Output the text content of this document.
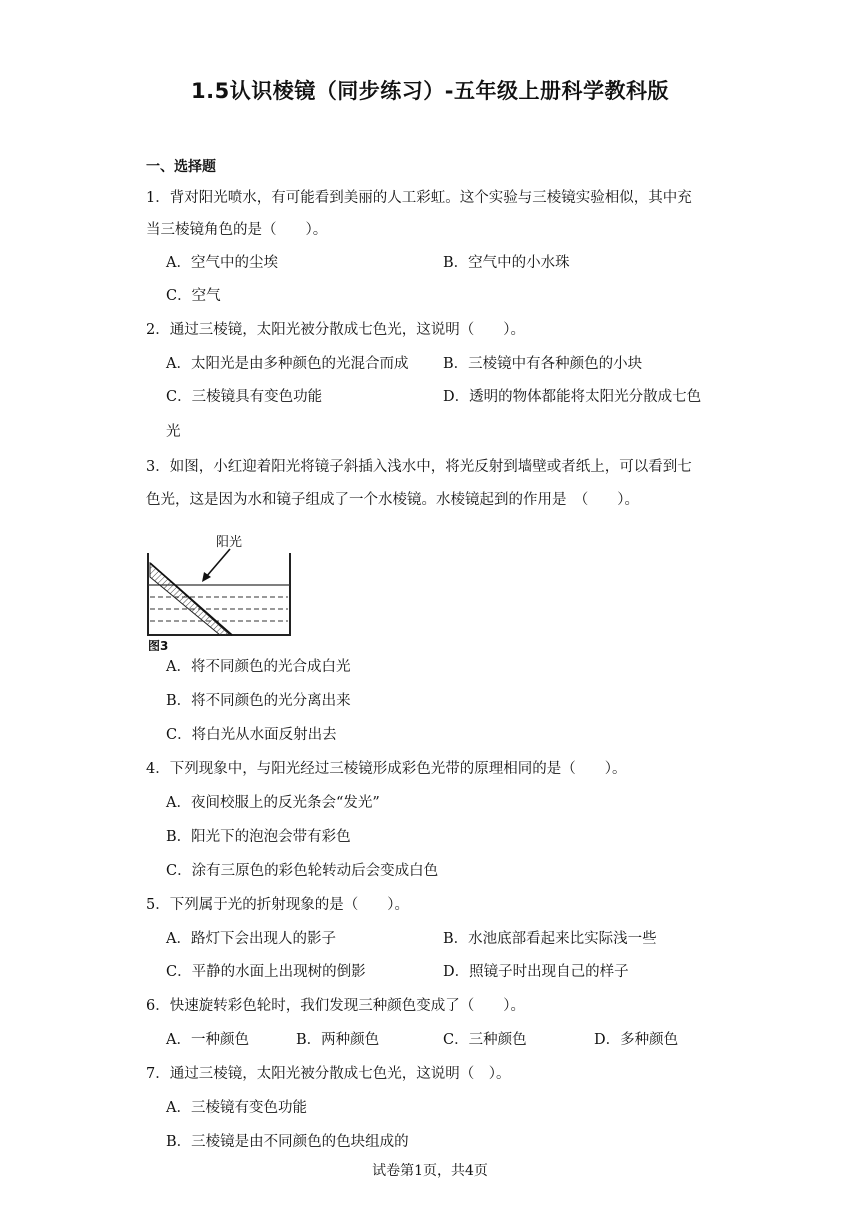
1.5认识棱镜（同步练习）-五年级上册科学教科版
一、选择题
1．背对阳光喷水，有可能看到美丽的人工彩虹。这个实验与三棱镜实验相似，其中充
当三棱镜角色的是（　　）。
A．空气中的尘埃	B．空气中的小水珠
C．空气
2．通过三棱镜，太阳光被分散成七色光，这说明（　　）。
A．太阳光是由多种颜色的光混合而成 B．三棱镜中有各种颜色的小块
C．三棱镜具有变色功能	D．透明的物体都能将太阳光分散成七色
光
3．如图，小红迎着阳光将镜子斜插入浅水中，将光反射到墙壁或者纸上，可以看到七
色光，这是因为水和镜子组成了一个水棱镜。水棱镜起到的作用是　（　　）。
阳光
图3
A．将不同颜色的光合成白光
B．将不同颜色的光分离出来
C．将白光从水面反射出去
4．下列现象中，与阳光经过三棱镜形成彩色光带的原理相同的是（　　）。
A．夜间校服上的反光条会“发光”
B．阳光下的泡泡会带有彩色
C．涂有三原色的彩色轮转动后会变成白色
5．下列属于光的折射现象的是（　　）。
A．路灯下会出现人的影子	B．水池底部看起来比实际浅一些
C．平静的水面上出现树的倒影	D．照镜子时出现自己的样子
6．快速旋转彩色轮时，我们发现三种颜色变成了（　　）。
A．一种颜色	B．两种颜色	C．三种颜色	D．多种颜色
7．通过三棱镜，太阳光被分散成七色光，这说明（　）。
A．三棱镜有变色功能
B．三棱镜是由不同颜色的色块组成的
试卷第1页，共4页
